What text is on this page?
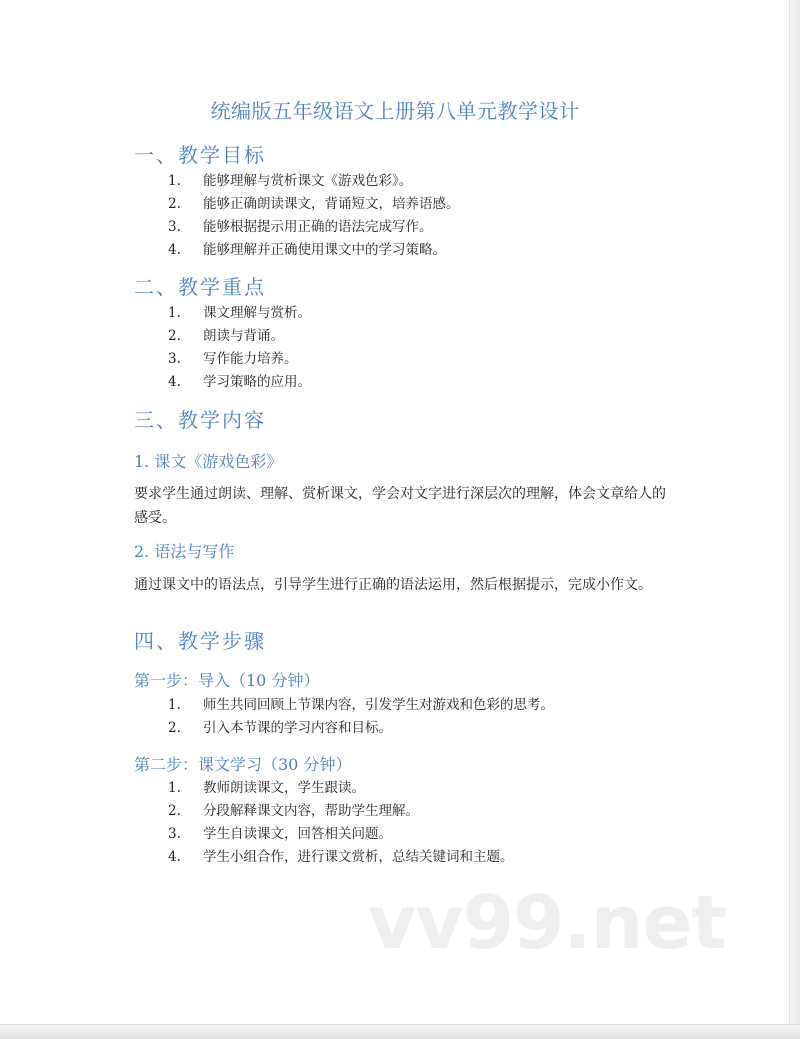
统编版五年级语文上册第八单元教学设计
一、教学目标
1. 能够理解与赏析课文《游戏色彩》。
2. 能够正确朗读课文，背诵短文，培养语感。
3. 能够根据提示用正确的语法完成写作。
4. 能够理解并正确使用课文中的学习策略。
二、教学重点
1. 课文理解与赏析。
2. 朗读与背诵。
3. 写作能力培养。
4. 学习策略的应用。
三、教学内容
1. 课文《游戏色彩》
要求学生通过朗读、理解、赏析课文，学会对文字进行深层次的理解，体会文章给人的感受。
2. 语法与写作
通过课文中的语法点，引导学生进行正确的语法运用，然后根据提示，完成小作文。
四、教学步骤
第一步：导入（10 分钟）
1. 师生共同回顾上节课内容，引发学生对游戏和色彩的思考。
2. 引入本节课的学习内容和目标。
第二步：课文学习（30 分钟）
1. 教师朗读课文，学生跟读。
2. 分段解释课文内容，帮助学生理解。
3. 学生自读课文，回答相关问题。
4. 学生小组合作，进行课文赏析，总结关键词和主题。
vv99.net
